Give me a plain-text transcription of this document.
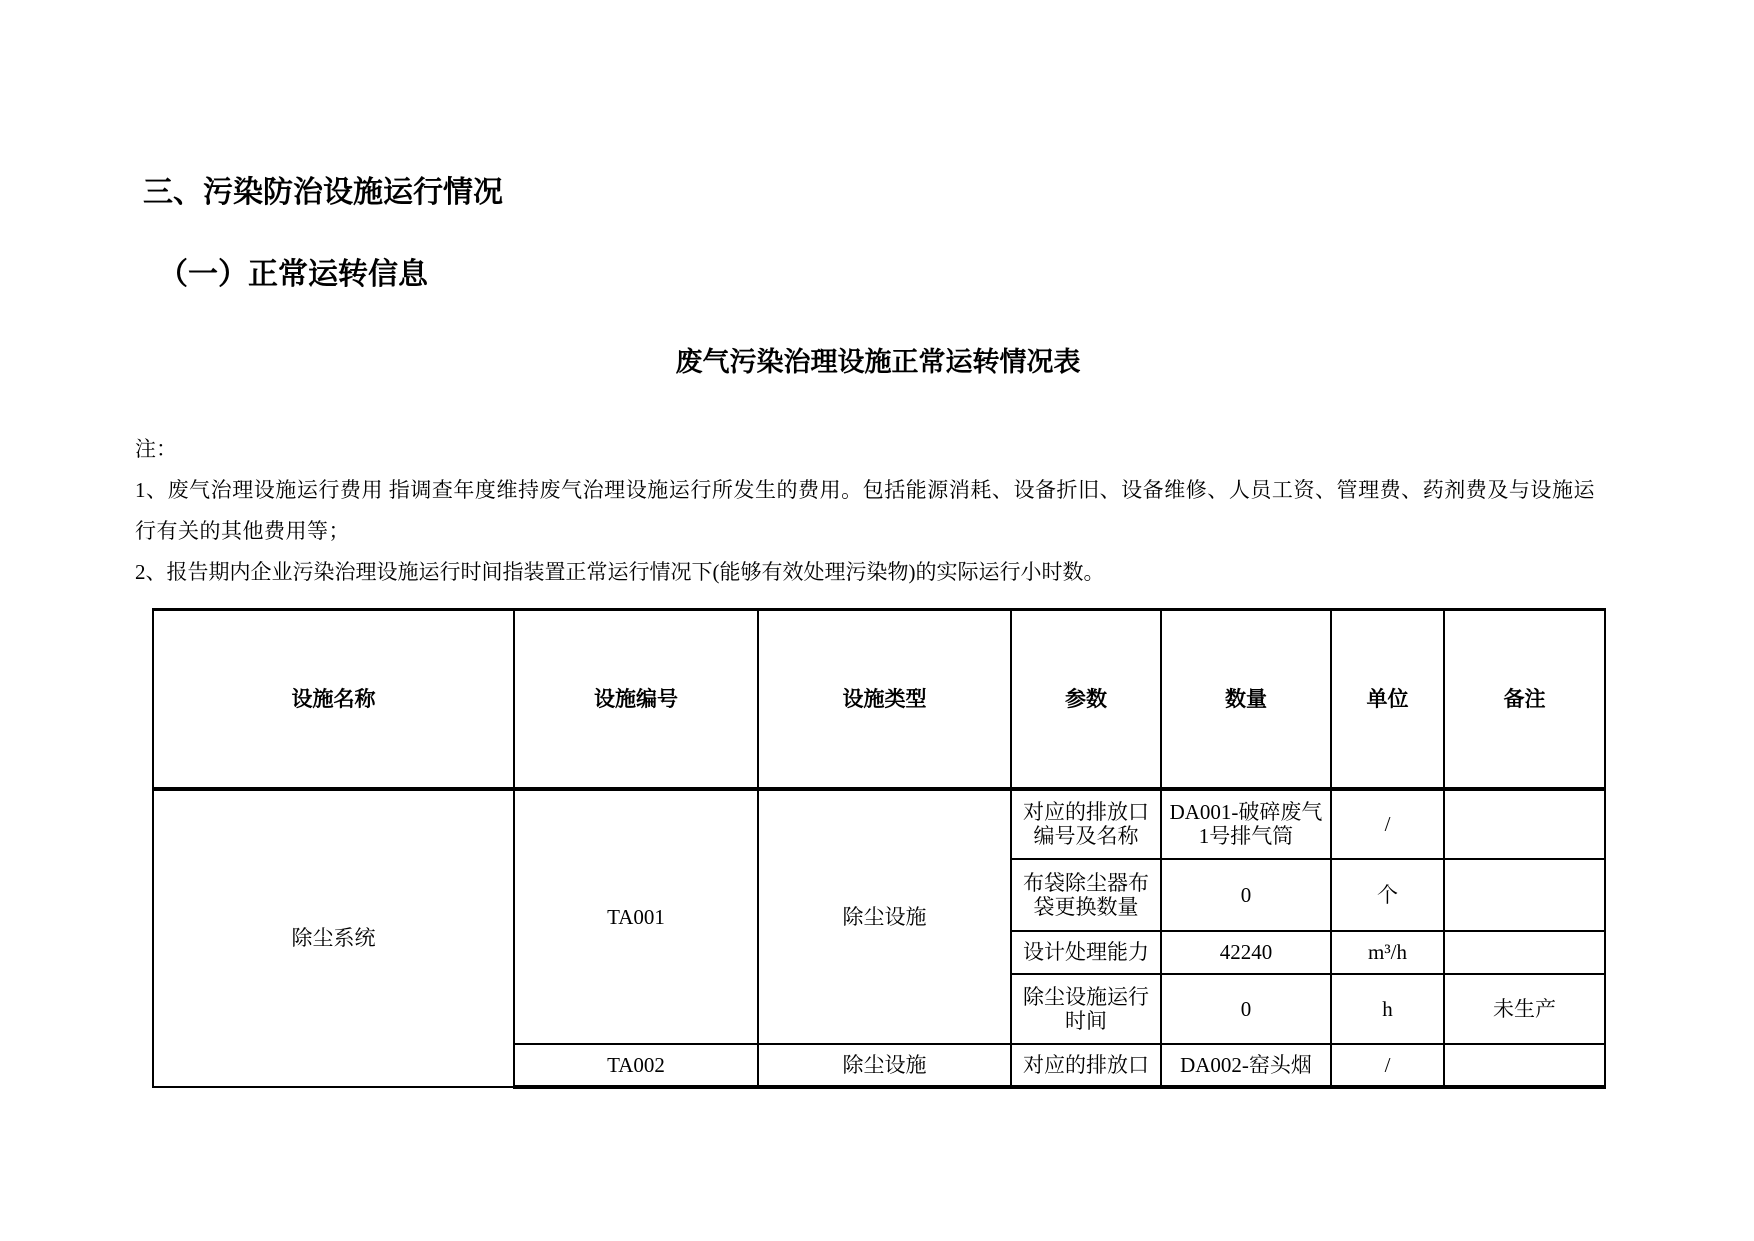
三、污染防治设施运行情况
（一）正常运转信息
废气污染治理设施正常运转情况表

注：

1、废气治理设施运行费用 指调查年度维持废气治理设施运行所发生的费用。包括能源消耗、设备折旧、设备维修、人员工资、管理费、药剂费及与设施运行有关的其他费用等；

2、报告期内企业污染治理设施运行时间指装置正常运行情况下(能够有效处理污染物)的实际运行小时数。

设施名称	设施编号	设施类型	参数	数量	单位	备注
除尘系统	TA001	除尘设施	对应的排放口编号及名称	DA001-破碎废气1号排气筒	/	
			布袋除尘器布袋更换数量	0	个	
			设计处理能力	42240	m³/h	
			除尘设施运行时间	0	h	未生产
	TA002	除尘设施	对应的排放口	DA002-窑头烟	/	
